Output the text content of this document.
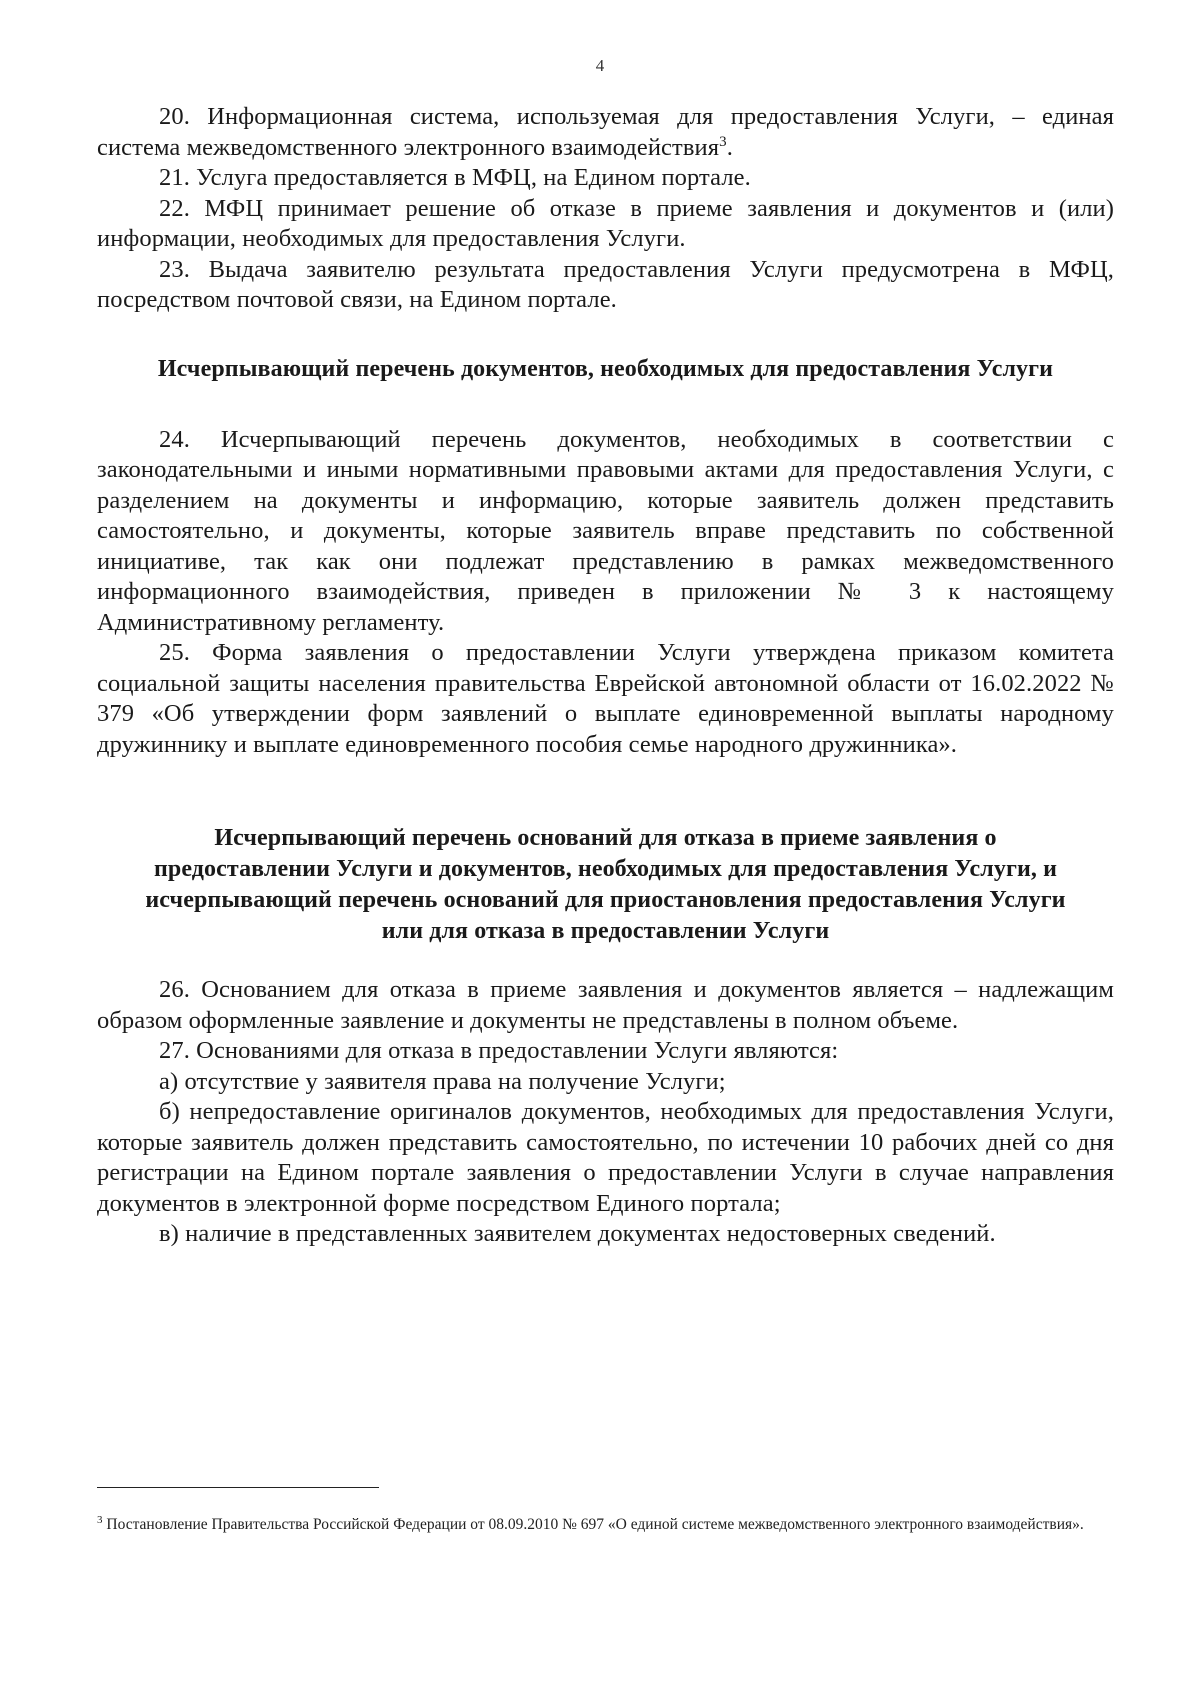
4

20. Информационная система, используемая для предоставления Услуги, – единая система межведомственного электронного взаимодействия$^3$.

21. Услуга предоставляется в МФЦ, на Едином портале.

22. МФЦ принимает решение об отказе в приеме заявления и документов и (или) информации, необходимых для предоставления Услуги.

23. Выдача заявителю результата предоставления Услуги предусмотрена в МФЦ, посредством почтовой связи, на Едином портале.

Исчерпывающий перечень документов, необходимых для предоставления Услуги

24. Исчерпывающий перечень документов, необходимых в соответствии с законодательными и иными нормативными правовыми актами для предоставления Услуги, с разделением на документы и информацию, которые заявитель должен представить самостоятельно, и документы, которые заявитель вправе представить по собственной инициативе, так как они подлежат представлению в рамках межведомственного информационного взаимодействия, приведен в приложении № 3 к настоящему Административному регламенту.

25. Форма заявления о предоставлении Услуги утверждена приказом комитета социальной защиты населения правительства Еврейской автономной области от 16.02.2022 № 379 «Об утверждении форм заявлений о выплате единовременной выплаты народному дружиннику и выплате единовременного пособия семье народного дружинника».

Исчерпывающий перечень оснований для отказа в приеме заявления о предоставлении Услуги и документов, необходимых для предоставления Услуги, и исчерпывающий перечень оснований для приостановления предоставления Услуги или для отказа в предоставлении Услуги

26. Основанием для отказа в приеме заявления и документов является – надлежащим образом оформленные заявление и документы не представлены в полном объеме.

27. Основаниями для отказа в предоставлении Услуги являются:

а) отсутствие у заявителя права на получение Услуги;

б) непредоставление оригиналов документов, необходимых для предоставления Услуги, которые заявитель должен представить самостоятельно, по истечении 10 рабочих дней со дня регистрации на Едином портале заявления о предоставлении Услуги в случае направления документов в электронной форме посредством Единого портала;

в) наличие в представленных заявителем документах недостоверных сведений.

$^3$ Постановление Правительства Российской Федерации от 08.09.2010 № 697 «О единой системе межведомственного электронного взаимодействия».
